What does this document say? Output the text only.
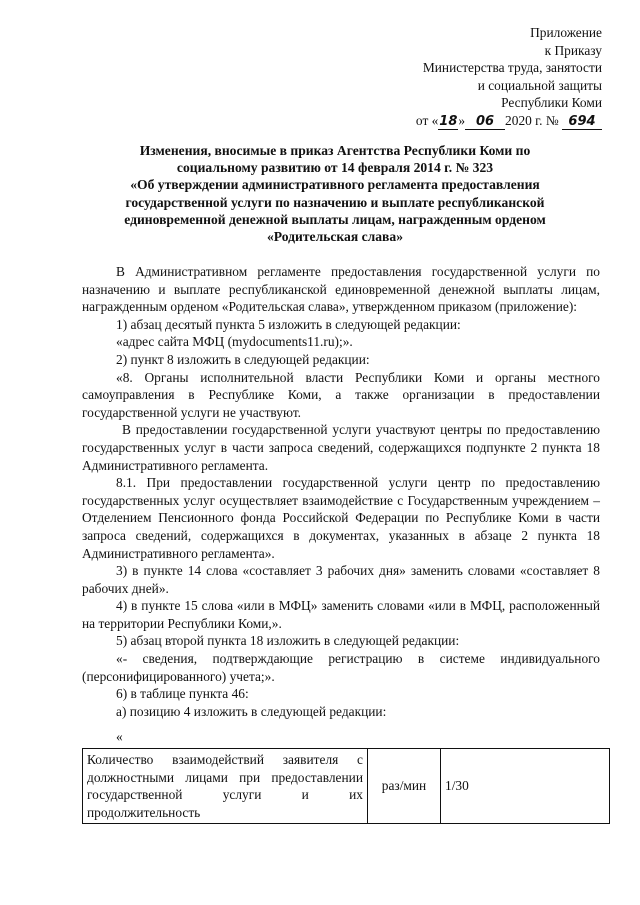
Приложение
к Приказу
Министерства труда, занятости
и социальной защиты
Республики Коми
от «18» 06 2020 г. № 694
Изменения, вносимые в приказ Агентства Республики Коми по
социальному развитию от 14 февраля 2014 г. № 323
«Об утверждении административного регламента предоставления
государственной услуги по назначению и выплате республиканской
единовременной денежной выплаты лицам, награжденным орденом
«Родительская слава»

В Административном регламенте предоставления государственной услуги по назначению и выплате республиканской единовременной денежной выплаты лицам, награжденным орденом «Родительская слава», утвержденном приказом (приложение):

1) абзац десятый пункта 5 изложить в следующей редакции:

«адрес сайта МФЦ (mydocuments11.ru);».

2) пункт 8 изложить в следующей редакции:

«8. Органы исполнительной власти Республики Коми и органы местного самоуправления в Республике Коми, а также организации в предоставлении государственной услуги не участвуют.

В предоставлении государственной услуги участвуют центры по предоставлению государственных услуг в части запроса сведений, содержащихся подпункте 2 пункта 18 Административного регламента.

8.1. При предоставлении государственной услуги центр по предоставлению государственных услуг осуществляет взаимодействие с Государственным учреждением – Отделением Пенсионного фонда Российской Федерации по Республике Коми в части запроса сведений, содержащихся в документах, указанных в абзаце 2 пункта 18 Административного регламента».

3) в пункте 14 слова «составляет 3 рабочих дня» заменить словами «составляет 8 рабочих дней».

4) в пункте 15 слова «или в МФЦ» заменить словами «или в МФЦ, расположенный на территории Республики Коми,».

5) абзац второй пункта 18 изложить в следующей редакции:

«- сведения, подтверждающие регистрацию в системе индивидуального (персонифицированного) учета;».

6) в таблице пункта 46:

а) позицию 4 изложить в следующей редакции:

«
Количество взаимодействий заявителя с должностными лицами при предоставлении государственной услуги и их продолжительность	раз/мин	1/30
